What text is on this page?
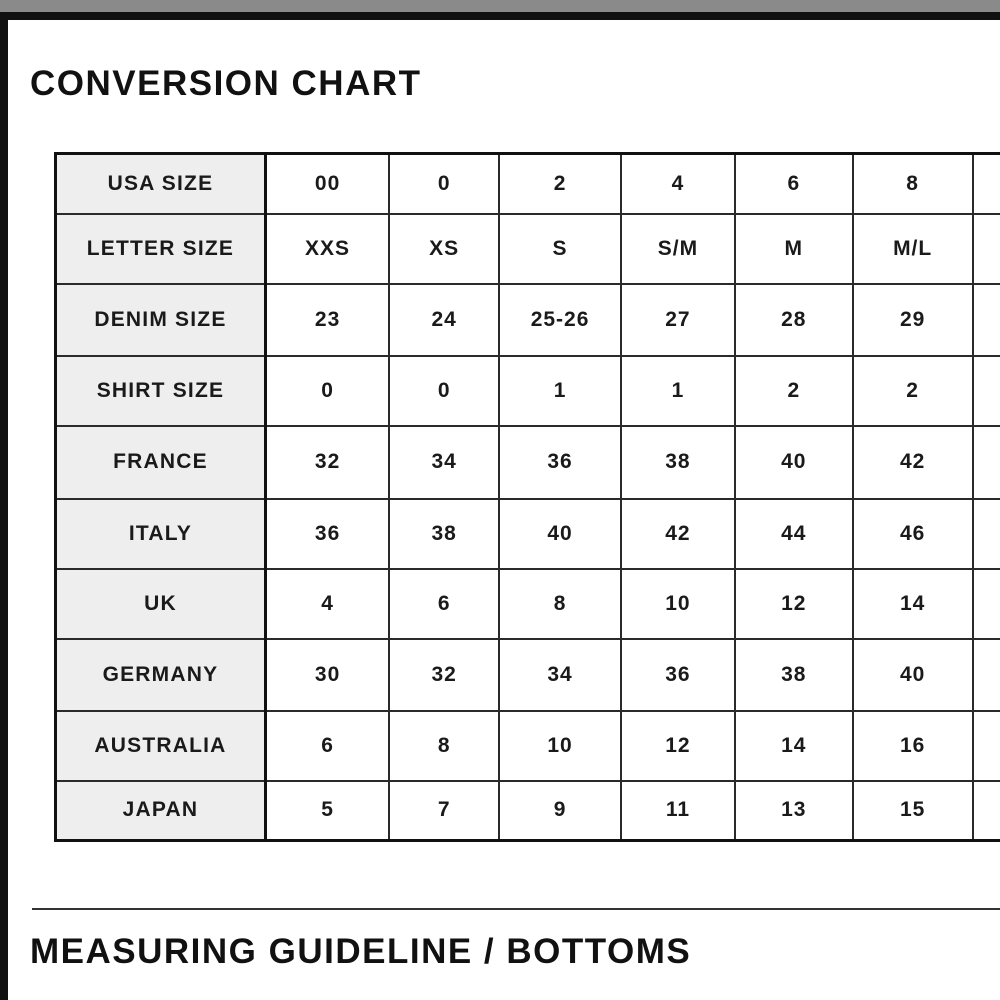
CONVERSION CHART
USA SIZE	00	0	2	4	6	8	
LETTER SIZE	XXS	XS	S	S/M	M	M/L	
DENIM SIZE	23	24	25-26	27	28	29	
SHIRT SIZE	0	0	1	1	2	2	
FRANCE	32	34	36	38	40	42	
ITALY	36	38	40	42	44	46	
UK	4	6	8	10	12	14	
GERMANY	30	32	34	36	38	40	
AUSTRALIA	6	8	10	12	14	16	
JAPAN	5	7	9	11	13	15	
MEASURING GUIDELINE / BOTTOMS
